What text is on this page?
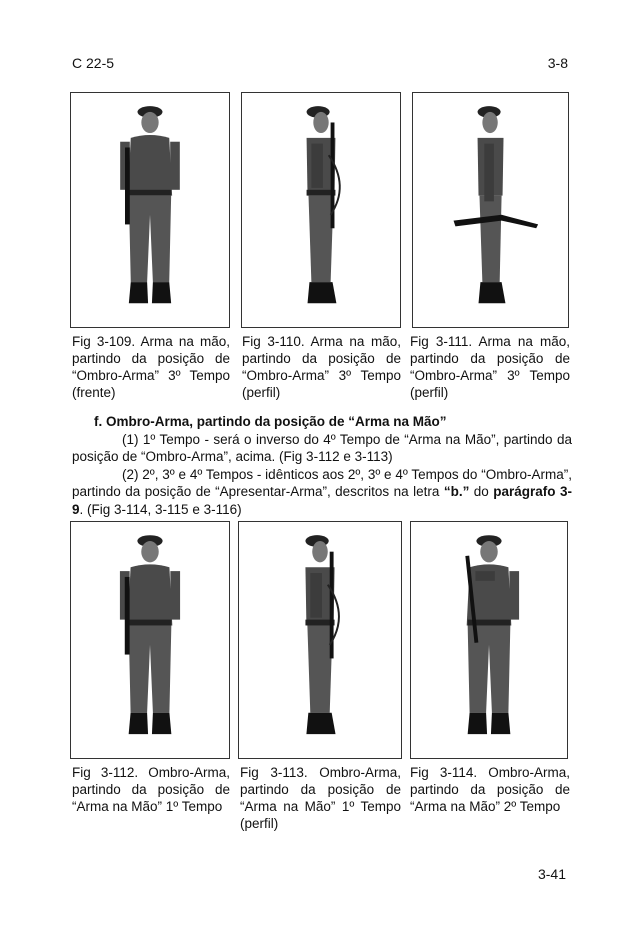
C 22-5	3-8
Fig 3-109. Arma na mão, partindo da posição de “Ombro-Arma” 3º Tempo (frente)
Fig 3-110. Arma na mão, partindo da posição de “Ombro-Arma” 3º Tempo (perfil)
Fig 3-111. Arma na mão, partindo da posição de “Ombro-Arma” 3º Tempo (perfil)
f. Ombro-Arma, partindo da posição de “Arma na Mão”

(1) 1º Tempo - será o inverso do 4º Tempo de “Arma na Mão”, partindo da posição de “Ombro-Arma”, acima. (Fig 3-112 e 3-113)

(2) 2º, 3º e 4º Tempos - idênticos aos 2º, 3º e 4º Tempos do “Ombro-Arma”, partindo da posição de “Apresentar-Arma”, descritos na letra “b.” do parágrafo 3-9. (Fig 3-114, 3-115 e 3-116)

Fig 3-112. Ombro-Arma, partindo da posição de “Arma na Mão” 1º Tempo
Fig 3-113. Ombro-Arma, partindo da posição de “Arma na Mão” 1º Tempo (perfil)
Fig 3-114. Ombro-Arma, partindo da posição de “Arma na Mão” 2º Tempo
3-41
